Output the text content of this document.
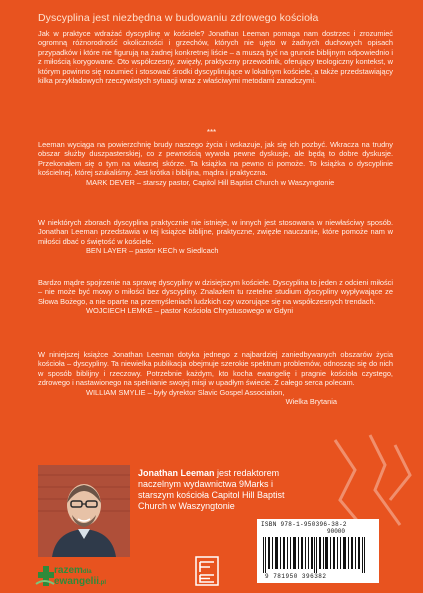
Dyscyplina jest niezbędna w budowaniu zdrowego kościoła

Jak w praktyce wdrażać dyscyplinę w kościele? Jonathan Leeman pomaga nam dostrzec i zrozumieć ogromną różnorodność okoliczności i grzechów, których nie ujęto w żadnych duchowych opisach przypadków i które nie figurują na żadnej konkretnej liście – a muszą być na gruncie biblijnym odpowiednio i z miłością korygowane. Oto współczesny, zwięzły, praktyczny przewodnik, oferujący teologiczny kontekst, w którym powinno się rozumieć i stosować środki dyscyplinujące w lokalnym kościele, a także przedstawiający kilka przykładowych rzeczywistych sytuacji wraz z właściwymi metodami zaradczymi.

***

Leeman wyciąga na powierzchnię brudy naszego życia i wskazuje, jak się ich pozbyć. Wkracza na trudny obszar służby duszpasterskiej, co z pewnością wywoła pewne dyskusje, ale będą to dobre dyskusje. Przekonałem się o tym na własnej skórze. Ta książka na pewno ci pomoże. To książka o dyscyplinie kościelnej, której szukaliśmy. Jest krótka i biblijna, mądra i praktyczna.

MARK DEVER – starszy pastor, Capitol Hill Baptist Church w Waszyngtonie

W niektórych zborach dyscyplina praktycznie nie istnieje, w innych jest stosowana w niewłaściwy sposób. Jonathan Leeman przedstawia w tej książce biblijne, praktyczne, zwięzłe nauczanie, które pomoże nam w miłości dbać o świętość w kościele.

BEN LAYER – pastor KECh w Siedlcach

Bardzo mądre spojrzenie na sprawę dyscypliny w dzisiejszym kościele. Dyscyplina to jeden z odcieni miłości – nie może być mowy o miłości bez dyscypliny. Znalazłem tu rzetelne studium dyscypliny wypływające ze Słowa Bożego, a nie oparte na przemyśleniach ludzkich czy wzorujące się na współczesnych trendach.

WOJCIECH LEMKE – pastor Kościoła Chrystusowego w Gdyni

W niniejszej książce Jonathan Leeman dotyka jednego z najbardziej zaniedbywanych obszarów życia kościoła – dyscypliny. Ta niewielka publikacja obejmuje szerokie spektrum problemów, odnosząc się do nich w sposób biblijny i rzeczowy. Potrzebnie każdym, kto kocha ewangelię i pragnie kościoła czystego, zdrowego i nastawionego na spełnianie swojej misji w upadłym świecie. Z całego serca polecam.

WILLIAM SMYLIE – były dyrektor Slavic Gospel Association,
Wielka Brytania
Jonathan Leeman jest redaktorem naczelnym wydawnictwa 9Marks i starszym kościoła Capitol Hill Baptist Church w Waszyngtonie
ISBN 978-1-950396-38-2
90000
9 781950 396382
razemdla
ewangelii.pl
